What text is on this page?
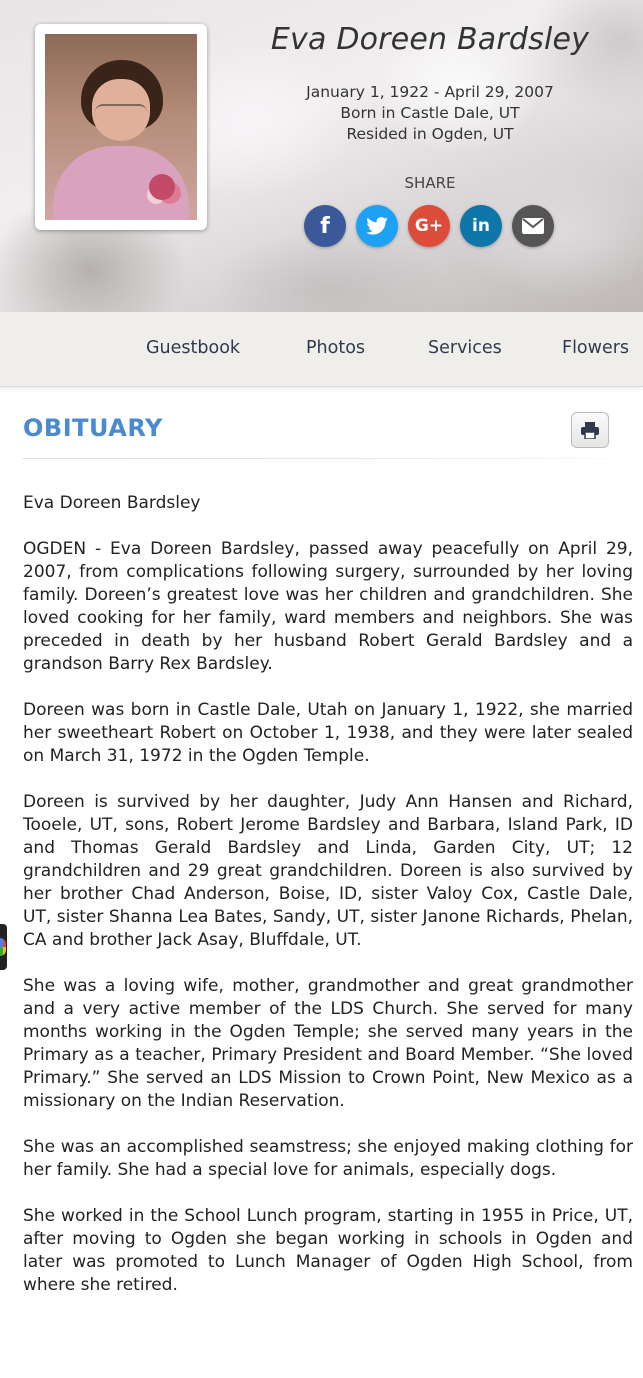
Eva Doreen Bardsley
January 1, 1922 - April 29, 2007
Born in Castle Dale, UT
Resided in Ogden, UT
SHARE
f	G+ in
Guestbook	Photos	Services	Flowers
OBITUARY

Eva Doreen Bardsley

OGDEN - Eva Doreen Bardsley, passed away peacefully on April 29, 2007, from complications following surgery, surrounded by her loving family. Doreen’s greatest love was her children and grandchildren. She loved cooking for her family, ward members and neighbors. She was preceded in death by her husband Robert Gerald Bardsley and a grandson Barry Rex Bardsley.

Doreen was born in Castle Dale, Utah on January 1, 1922, she married her sweetheart Robert on October 1, 1938, and they were later sealed on March 31, 1972 in the Ogden Temple.

Doreen is survived by her daughter, Judy Ann Hansen and Richard, Tooele, UT, sons, Robert Jerome Bardsley and Barbara, Island Park, ID and Thomas Gerald Bardsley and Linda, Garden City, UT; 12 grandchildren and 29 great grandchildren. Doreen is also survived by her brother Chad Anderson, Boise, ID, sister Valoy Cox, Castle Dale, UT, sister Shanna Lea Bates, Sandy, UT, sister Janone Richards, Phelan, CA and brother Jack Asay, Bluffdale, UT.

She was a loving wife, mother, grandmother and great grandmother and a very active member of the LDS Church. She served for many months working in the Ogden Temple; she served many years in the Primary as a teacher, Primary President and Board Member. “She loved Primary.” She served an LDS Mission to Crown Point, New Mexico as a missionary on the Indian Reservation.

She was an accomplished seamstress; she enjoyed making clothing for her family. She had a special love for animals, especially dogs.

She worked in the School Lunch program, starting in 1955 in Price, UT, after moving to Ogden she began working in schools in Ogden and later was promoted to Lunch Manager of Ogden High School, from where she retired.
